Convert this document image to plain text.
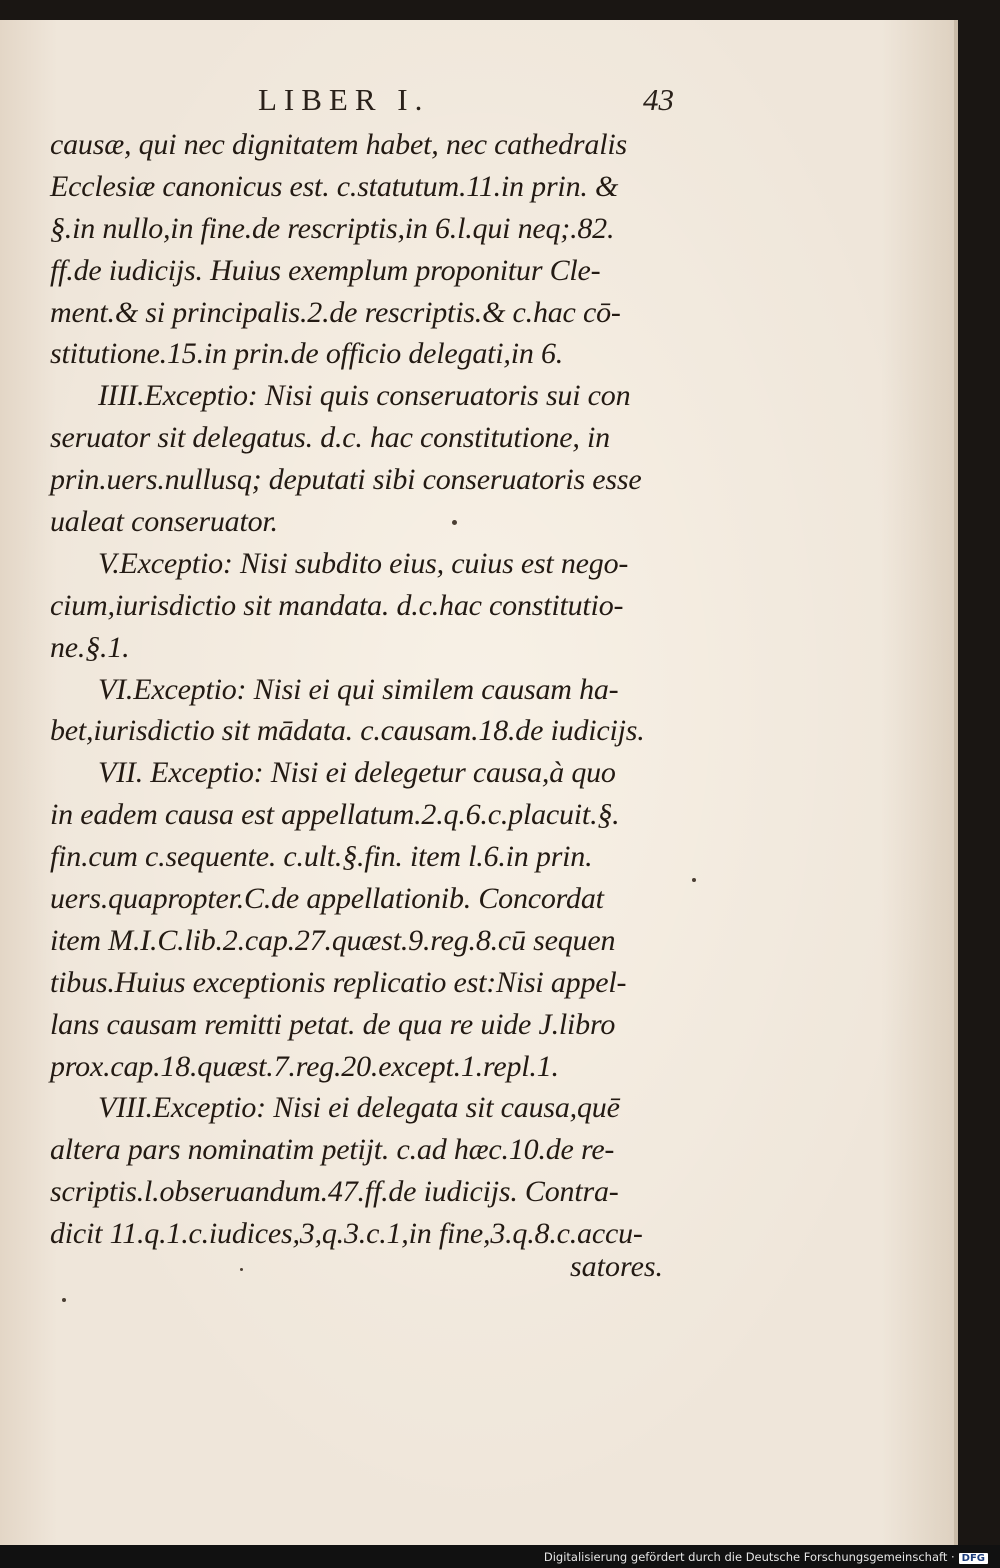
LIBER I.	43
causæ, qui nec dignitatem habet, nec cathedralis
Ecclesiæ canonicus est. c.statutum.11.in prin. &
§.in nullo,in fine.de rescriptis,in 6.l.qui neq;.82.
ff.de iudicijs. Huius exemplum proponitur Cle-
ment.& si principalis.2.de rescriptis.& c.hac cō-
stitutione.15.in prin.de officio delegati,in 6.
IIII.Exceptio: Nisi quis conseruatoris sui con
seruator sit delegatus. d.c. hac constitutione, in
prin.uers.nullusq; deputati sibi conseruatoris esse
ualeat conseruator.
V.Exceptio: Nisi subdito eius, cuius est nego-
cium,iurisdictio sit mandata. d.c.hac constitutio-
ne.§.1.
VI.Exceptio: Nisi ei qui similem causam ha-
bet,iurisdictio sit mādata. c.causam.18.de iudicijs.
VII. Exceptio: Nisi ei delegetur causa,à quo
in eadem causa est appellatum.2.q.6.c.placuit.§.
fin.cum c.sequente. c.ult.§.fin. item l.6.in prin.
uers.quapropter.C.de appellationib. Concordat
item M.I.C.lib.2.cap.27.quæst.9.reg.8.cū sequen
tibus.Huius exceptionis replicatio est:Nisi appel-
lans causam remitti petat. de qua re uide J.libro
prox.cap.18.quæst.7.reg.20.except.1.repl.1.
VIII.Exceptio: Nisi ei delegata sit causa,quē
altera pars nominatim petijt. c.ad hæc.10.de re-
scriptis.l.obseruandum.47.ff.de iudicijs. Contra-
dicit 11.q.1.c.iudices,3,q.3.c.1,in fine,3.q.8.c.accu-
satores.
Digitalisierung gefördert durch die Deutsche Forschungsgemeinschaft · DFG
